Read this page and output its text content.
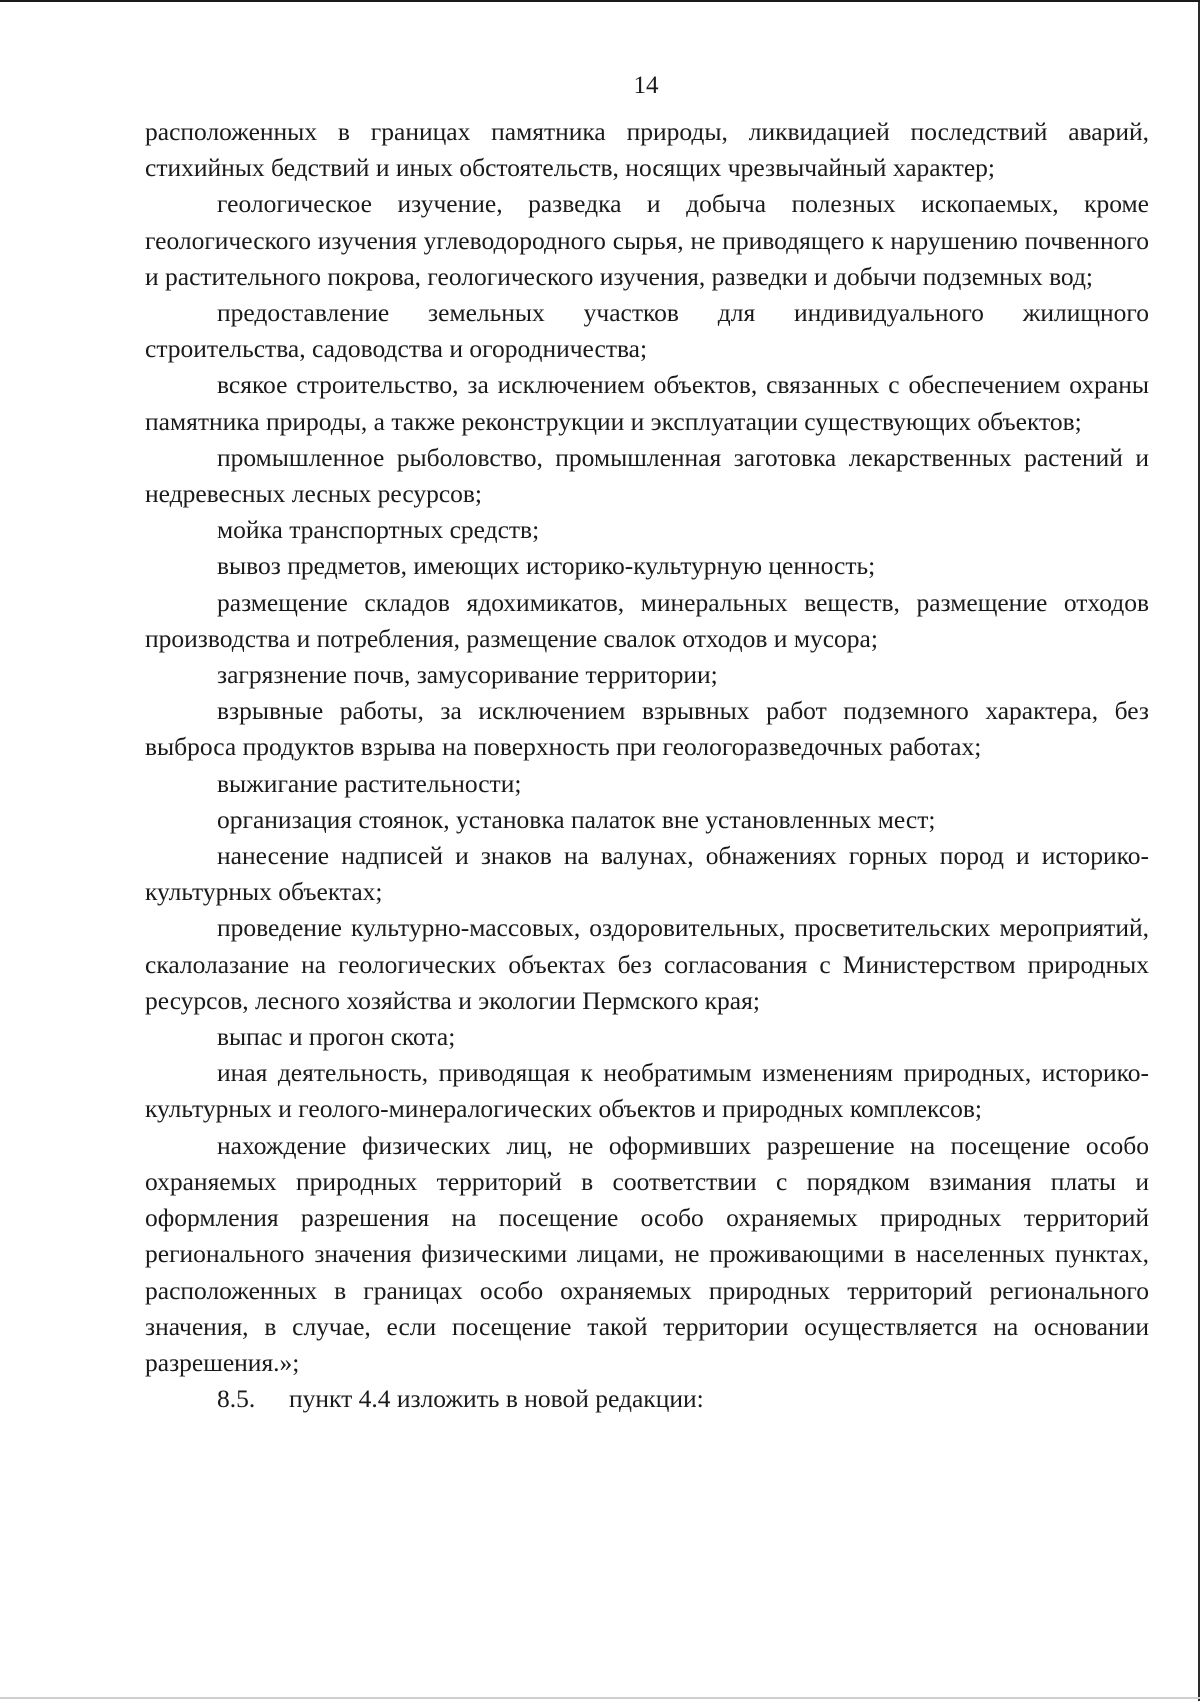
14

расположенных в границах памятника природы, ликвидацией последствий аварий, стихийных бедствий и иных обстоятельств, носящих чрезвычайный характер;

геологическое изучение, разведка и добыча полезных ископаемых, кроме геологического изучения углеводородного сырья, не приводящего к нарушению почвенного и растительного покрова, геологического изучения, разведки и добычи подземных вод;

предоставление земельных участков для индивидуального жилищного строительства, садоводства и огородничества;

всякое строительство, за исключением объектов, связанных с обеспечением охраны памятника природы, а также реконструкции и эксплуатации существующих объектов;

промышленное рыболовство, промышленная заготовка лекарственных растений и недревесных лесных ресурсов;

мойка транспортных средств;

вывоз предметов, имеющих историко-культурную ценность;

размещение складов ядохимикатов, минеральных веществ, размещение отходов производства и потребления, размещение свалок отходов и мусора;

загрязнение почв, замусоривание территории;

взрывные работы, за исключением взрывных работ подземного характера, без выброса продуктов взрыва на поверхность при геологоразведочных работах;

выжигание растительности;

организация стоянок, установка палаток вне установленных мест;

нанесение надписей и знаков на валунах, обнажениях горных пород и историко-культурных объектах;

проведение культурно-массовых, оздоровительных, просветительских мероприятий, скалолазание на геологических объектах без согласования с Министерством природных ресурсов, лесного хозяйства и экологии Пермского края;

выпас и прогон скота;

иная деятельность, приводящая к необратимым изменениям природных, историко-культурных и геолого-минералогических объектов и природных комплексов;

нахождение физических лиц, не оформивших разрешение на посещение особо охраняемых природных территорий в соответствии с порядком взимания платы и оформления разрешения на посещение особо охраняемых природных территорий регионального значения физическими лицами, не проживающими в населенных пунктах, расположенных в границах особо охраняемых природных территорий регионального значения, в случае, если посещение такой территории осуществляется на основании разрешения.»;

8.5. пункт 4.4 изложить в новой редакции:
